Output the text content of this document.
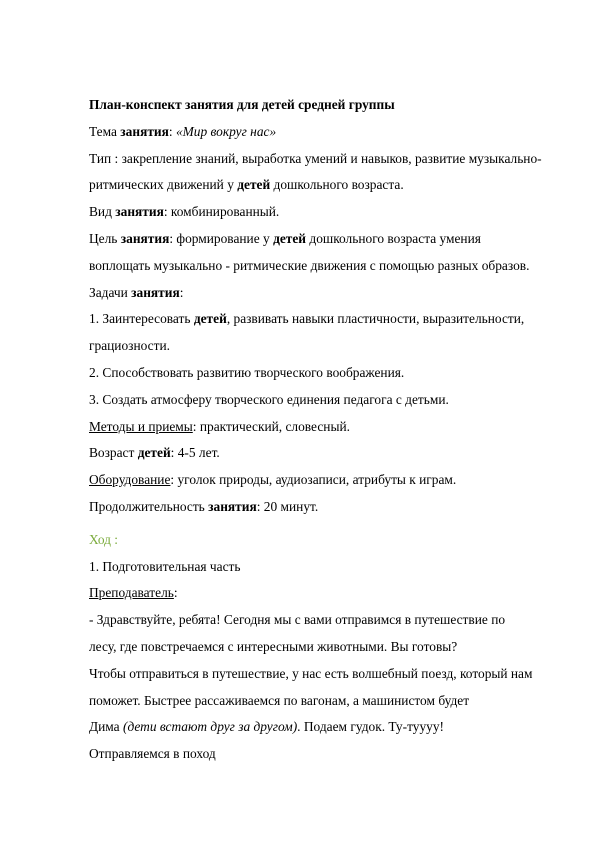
План-конспект занятия для детей средней группы
Тема занятия: «Мир вокруг нас»
Тип : закрепление знаний, выработка умений и навыков, развитие музыкально-
ритмических движений у детей дошкольного возраста.
Вид занятия: комбинированный.
Цель занятия: формирование у детей дошкольного возраста умения
воплощать музыкально - ритмические движения с помощью разных образов.
Задачи занятия:
1. Заинтересовать детей, развивать навыки пластичности, выразительности,
грациозности.
2. Способствовать развитию творческого воображения.
3. Создать атмосферу творческого единения педагога с детьми.
Методы и приемы: практический, словесный.
Возраст детей: 4-5 лет.
Оборудование: уголок природы, аудиозаписи, атрибуты к играм.
Продолжительность занятия: 20 минут.
Ход :
1. Подготовительная часть
Преподаватель:
- Здравствуйте, ребята! Сегодня мы с вами отправимся в путешествие по
лесу, где повстречаемся с интересными животными. Вы готовы?
Чтобы отправиться в путешествие, у нас есть волшебный поезд, который нам
поможет. Быстрее рассаживаемся по вагонам, а машинистом будет
Дима (дети встают друг за другом). Подаем гудок. Ту-туууу!
Отправляемся в поход
